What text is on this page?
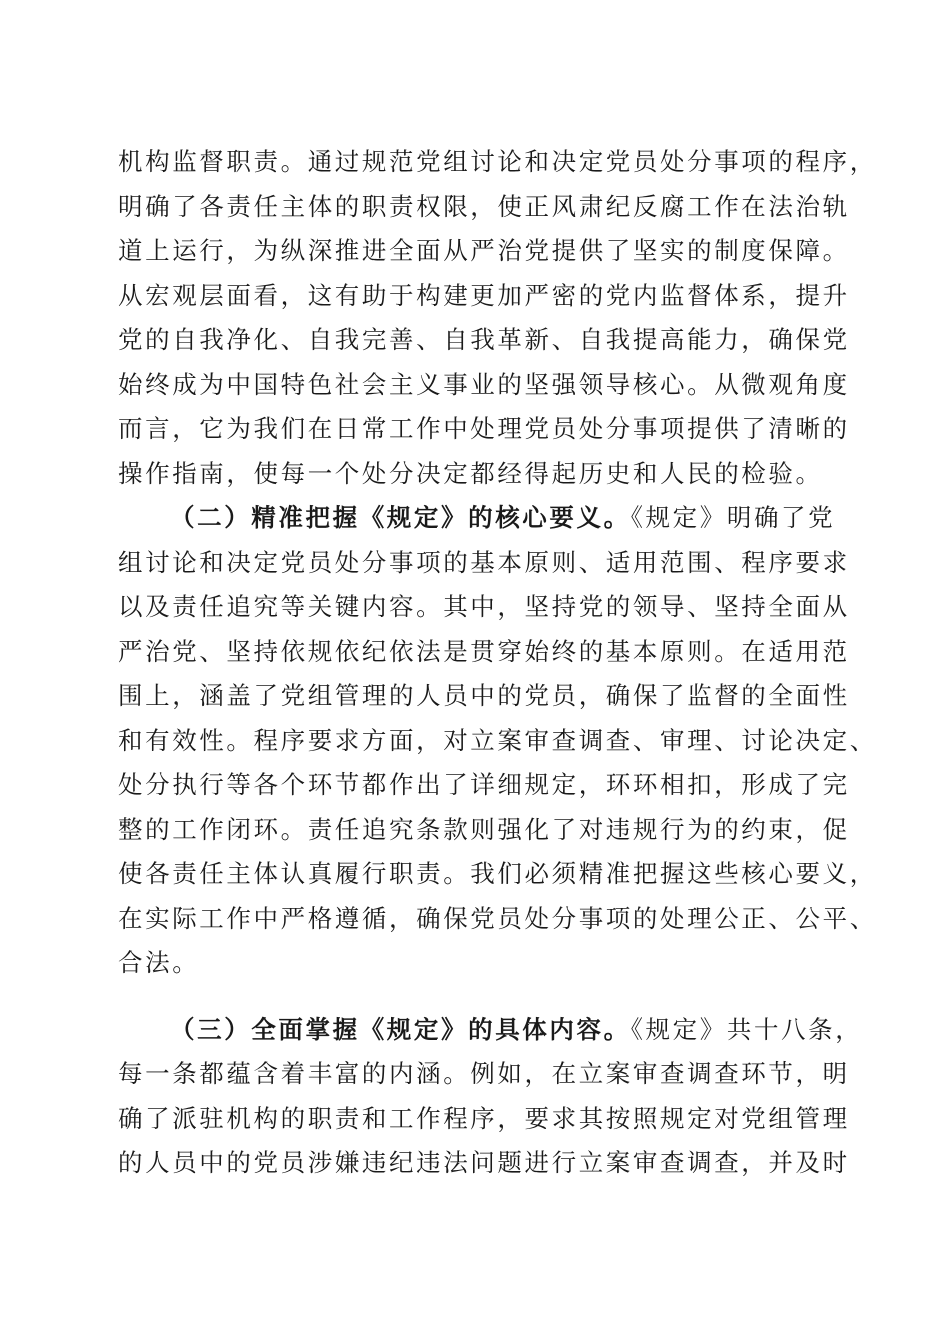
机构监督职责。通过规范党组讨论和决定党员处分事项的程序，
明确了各责任主体的职责权限，使正风肃纪反腐工作在法治轨
道上运行，为纵深推进全面从严治党提供了坚实的制度保障。
从宏观层面看，这有助于构建更加严密的党内监督体系，提升
党的自我净化、自我完善、自我革新、自我提高能力，确保党
始终成为中国特色社会主义事业的坚强领导核心。从微观角度
而言，它为我们在日常工作中处理党员处分事项提供了清晰的
操作指南，使每一个处分决定都经得起历史和人民的检验。
（二）精准把握《规定》的核心要义。《规定》明确了党
组讨论和决定党员处分事项的基本原则、适用范围、程序要求
以及责任追究等关键内容。其中，坚持党的领导、坚持全面从
严治党、坚持依规依纪依法是贯穿始终的基本原则。在适用范
围上，涵盖了党组管理的人员中的党员，确保了监督的全面性
和有效性。程序要求方面，对立案审查调查、审理、讨论决定、
处分执行等各个环节都作出了详细规定，环环相扣，形成了完
整的工作闭环。责任追究条款则强化了对违规行为的约束，促
使各责任主体认真履行职责。我们必须精准把握这些核心要义，
在实际工作中严格遵循，确保党员处分事项的处理公正、公平、
合法。
（三）全面掌握《规定》的具体内容。《规定》共十八条，
每一条都蕴含着丰富的内涵。例如，在立案审查调查环节，明
确了派驻机构的职责和工作程序，要求其按照规定对党组管理
的人员中的党员涉嫌违纪违法问题进行立案审查调查，并及时
